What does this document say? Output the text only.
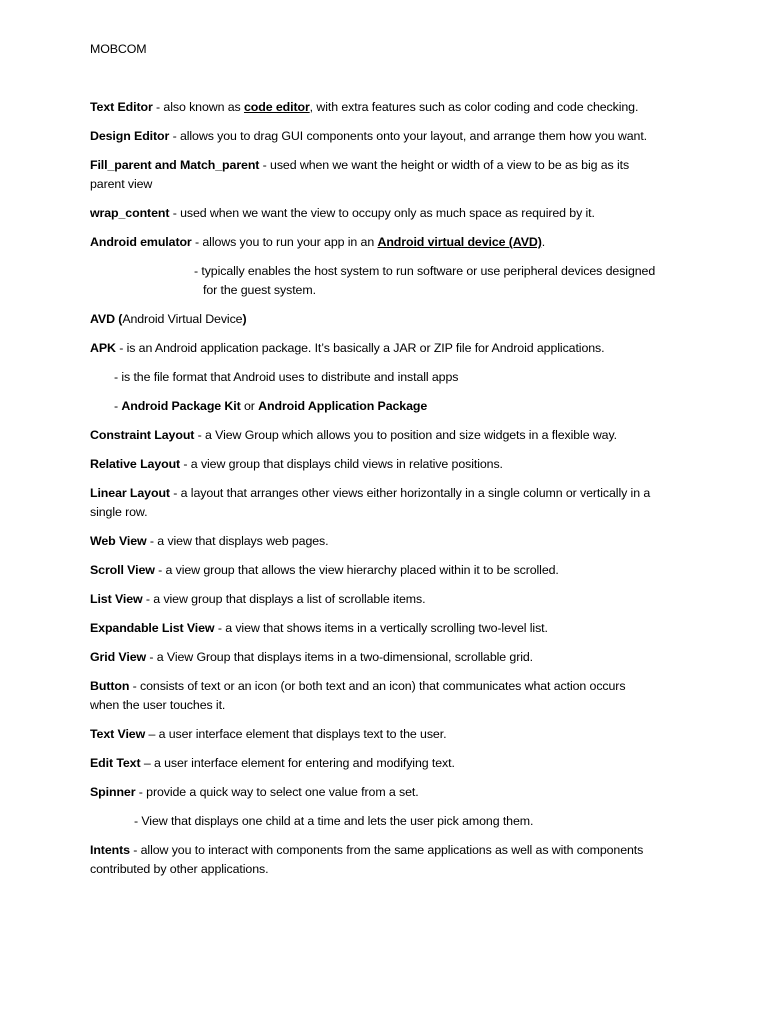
MOBCOM
Text Editor - also known as code editor, with extra features such as color coding and code checking.
Design Editor - allows you to drag GUI components onto your layout, and arrange them how you want.
Fill_parent and Match_parent - used when we want the height or width of a view to be as big as its
parent view
wrap_content - used when we want the view to occupy only as much space as required by it.
Android emulator - allows you to run your app in an Android virtual device (AVD).
- typically enables the host system to run software or use peripheral devices designed
for the guest system.
AVD (Android Virtual Device)
APK - is an Android application package. It’s basically a JAR or ZIP file for Android applications.
- is the file format that Android uses to distribute and install apps
- Android Package Kit or Android Application Package
Constraint Layout - a View Group which allows you to position and size widgets in a flexible way.
Relative Layout - a view group that displays child views in relative positions.
Linear Layout - a layout that arranges other views either horizontally in a single column or vertically in a
single row.
Web View - a view that displays web pages.
Scroll View - a view group that allows the view hierarchy placed within it to be scrolled.
List View - a view group that displays a list of scrollable items.
Expandable List View - a view that shows items in a vertically scrolling two-level list.
Grid View - a View Group that displays items in a two-dimensional, scrollable grid.
Button - consists of text or an icon (or both text and an icon) that communicates what action occurs
when the user touches it.
Text View – a user interface element that displays text to the user.
Edit Text – a user interface element for entering and modifying text.
Spinner - provide a quick way to select one value from a set.
- View that displays one child at a time and lets the user pick among them.
Intents - allow you to interact with components from the same applications as well as with components
contributed by other applications.
